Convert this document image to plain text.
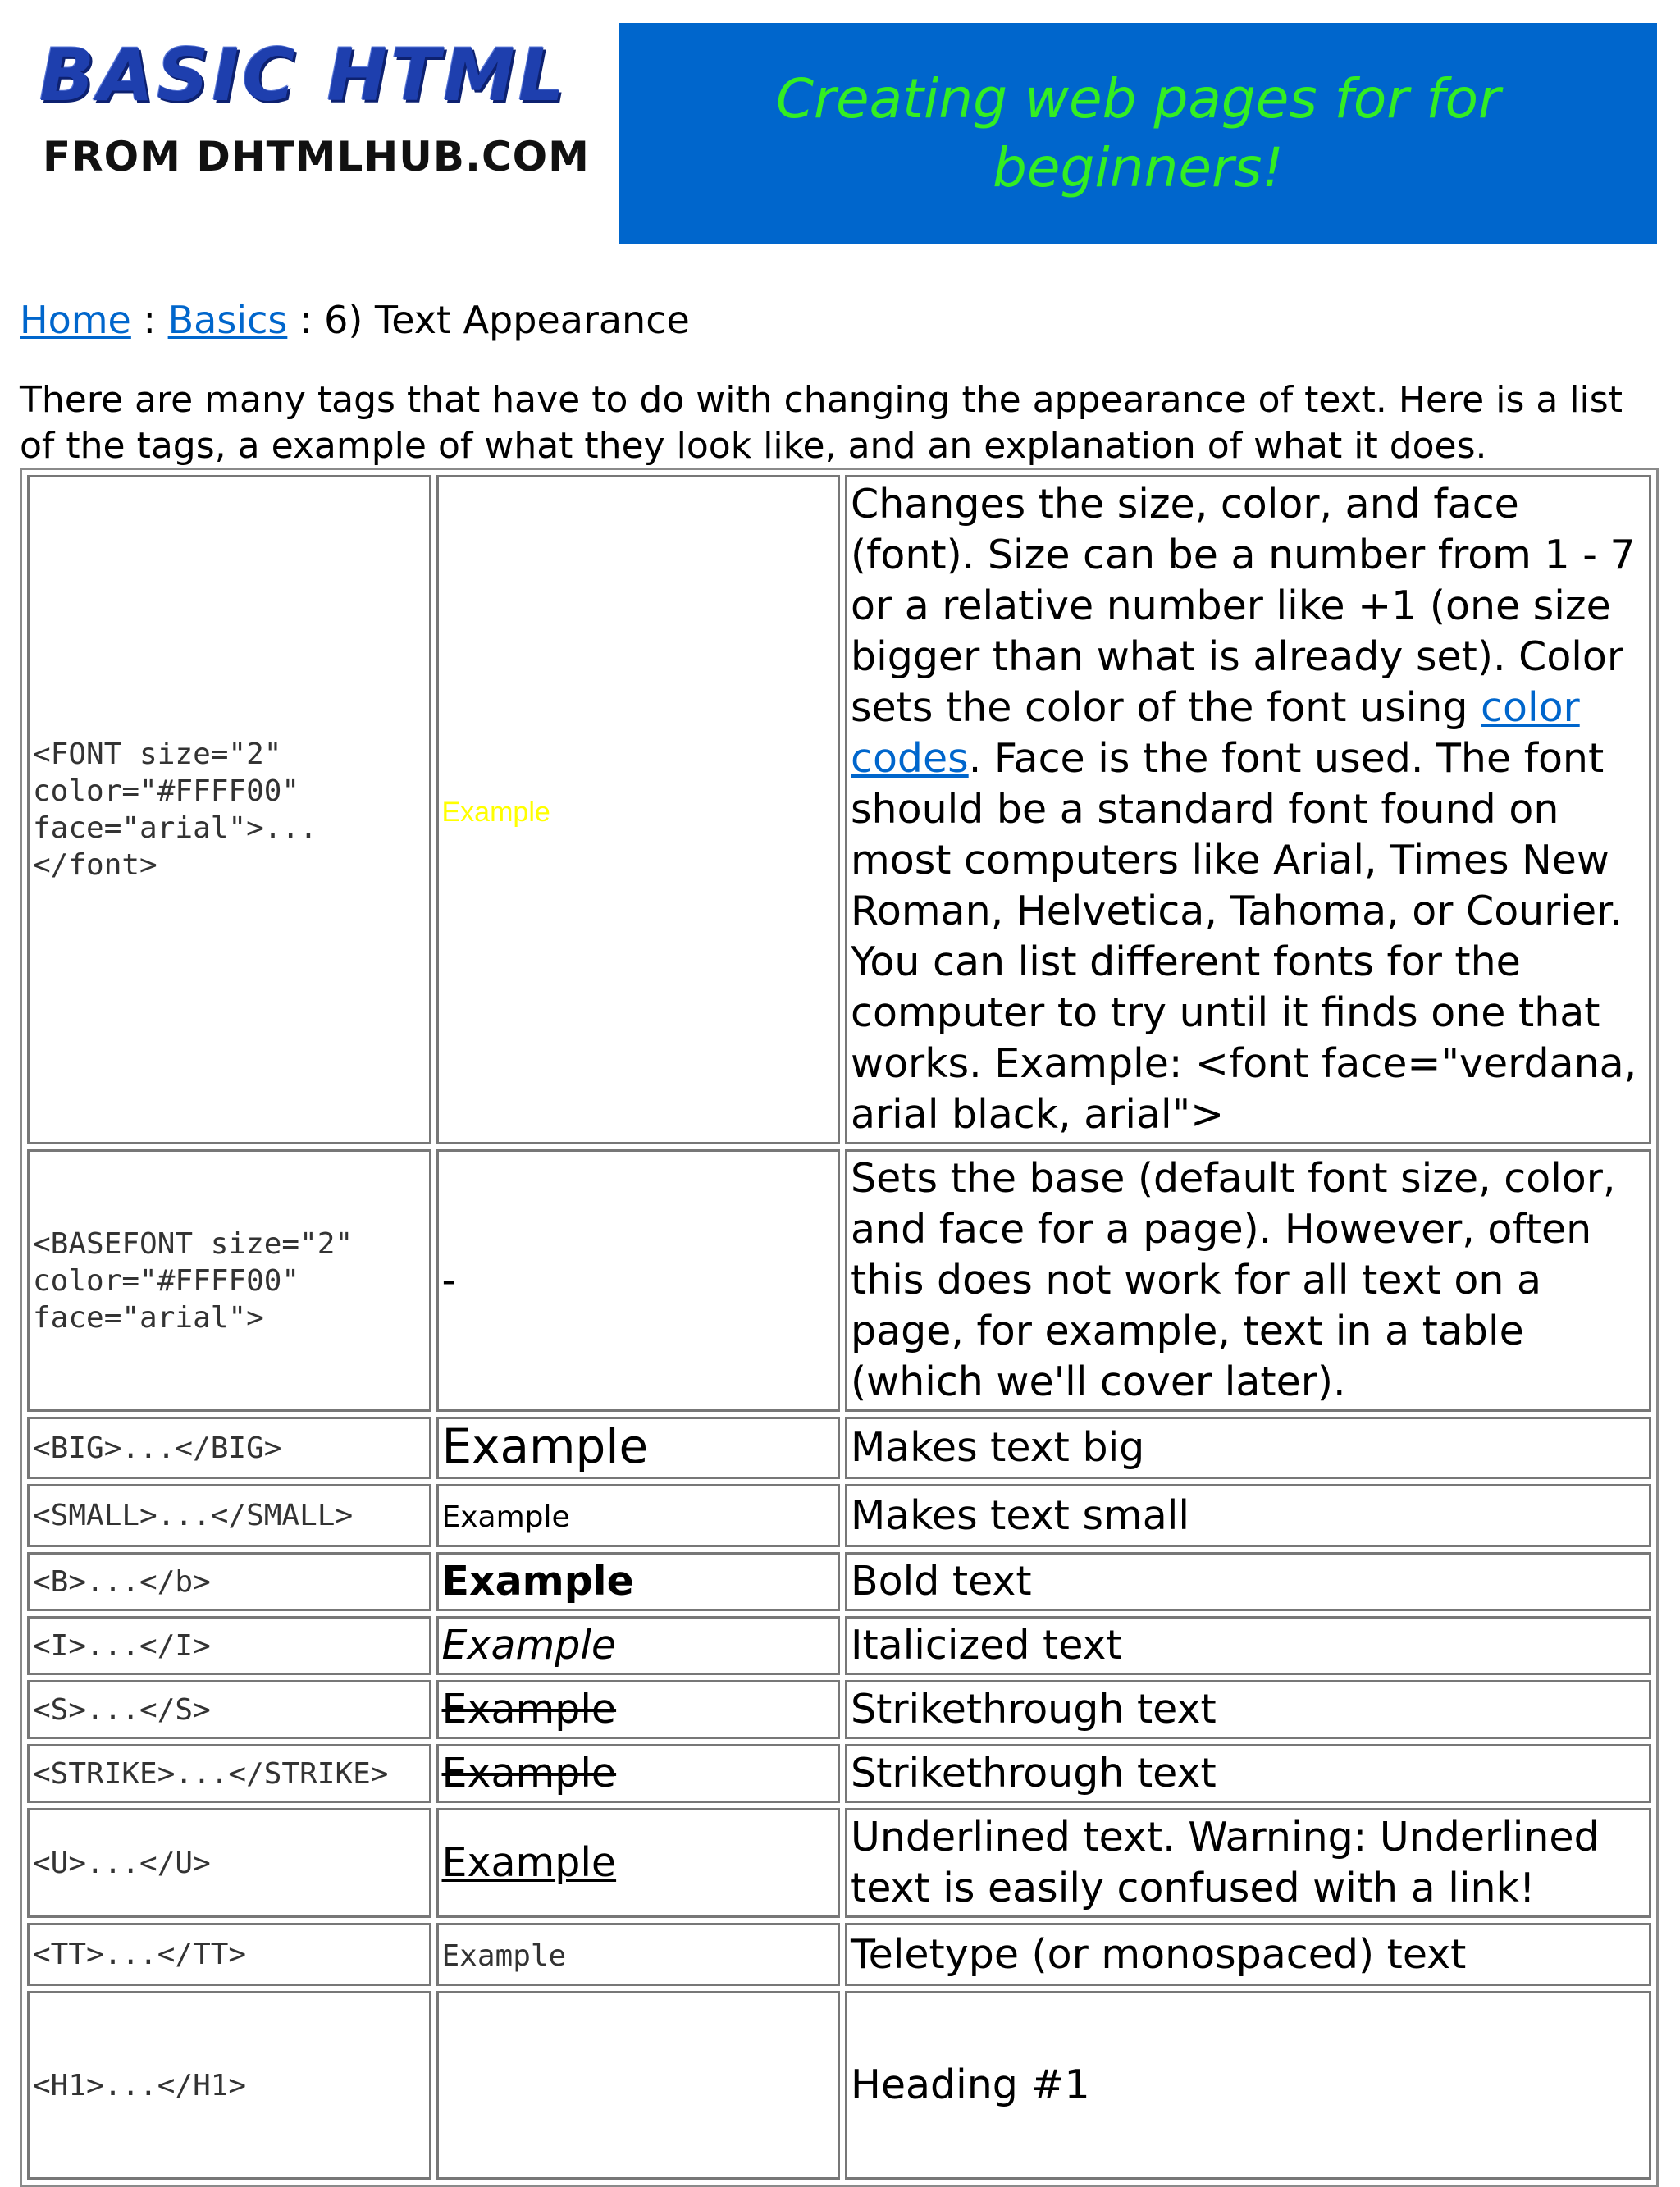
BASIC HTML
FROM DHTMLHUB.COM
Creating web pages for for beginners!
Home : Basics : 6) Text Appearance
There are many tags that have to do with changing the appearance of text. Here is a list of the tags, a example of what they look like, and an explanation of what it does.
<FONT size="2" color="#FFFF00" face="arial">...</font>	Example	Changes the size, color, and face (font). Size can be a number from 1 - 7 or a relative number like +1 (one size bigger than what is already set). Color sets the color of the font using color codes. Face is the font used. The font should be a standard font found on most computers like Arial, Times New Roman, Helvetica, Tahoma, or Courier. You can list different fonts for the computer to try until it finds one that works. Example: <font face="verdana, arial black, arial">
<BASEFONT size="2" color="#FFFF00" face="arial">	-	Sets the base (default font size, color, and face for a page). However, often this does not work for all text on a page, for example, text in a table (which we'll cover later).
<BIG>...</BIG>	Example	Makes text big
<SMALL>...</SMALL>	Example	Makes text small
<B>...</b>	Example	Bold text
<I>...</I>	Example	Italicized text
<S>...</S>	Example	Strikethrough text
<STRIKE>...</STRIKE>	Example	Strikethrough text
<U>...</U>	Example	Underlined text. Warning: Underlined text is easily confused with a link!
<TT>...</TT>	Example	Teletype (or monospaced) text
<H1>...</H1>		Heading #1
